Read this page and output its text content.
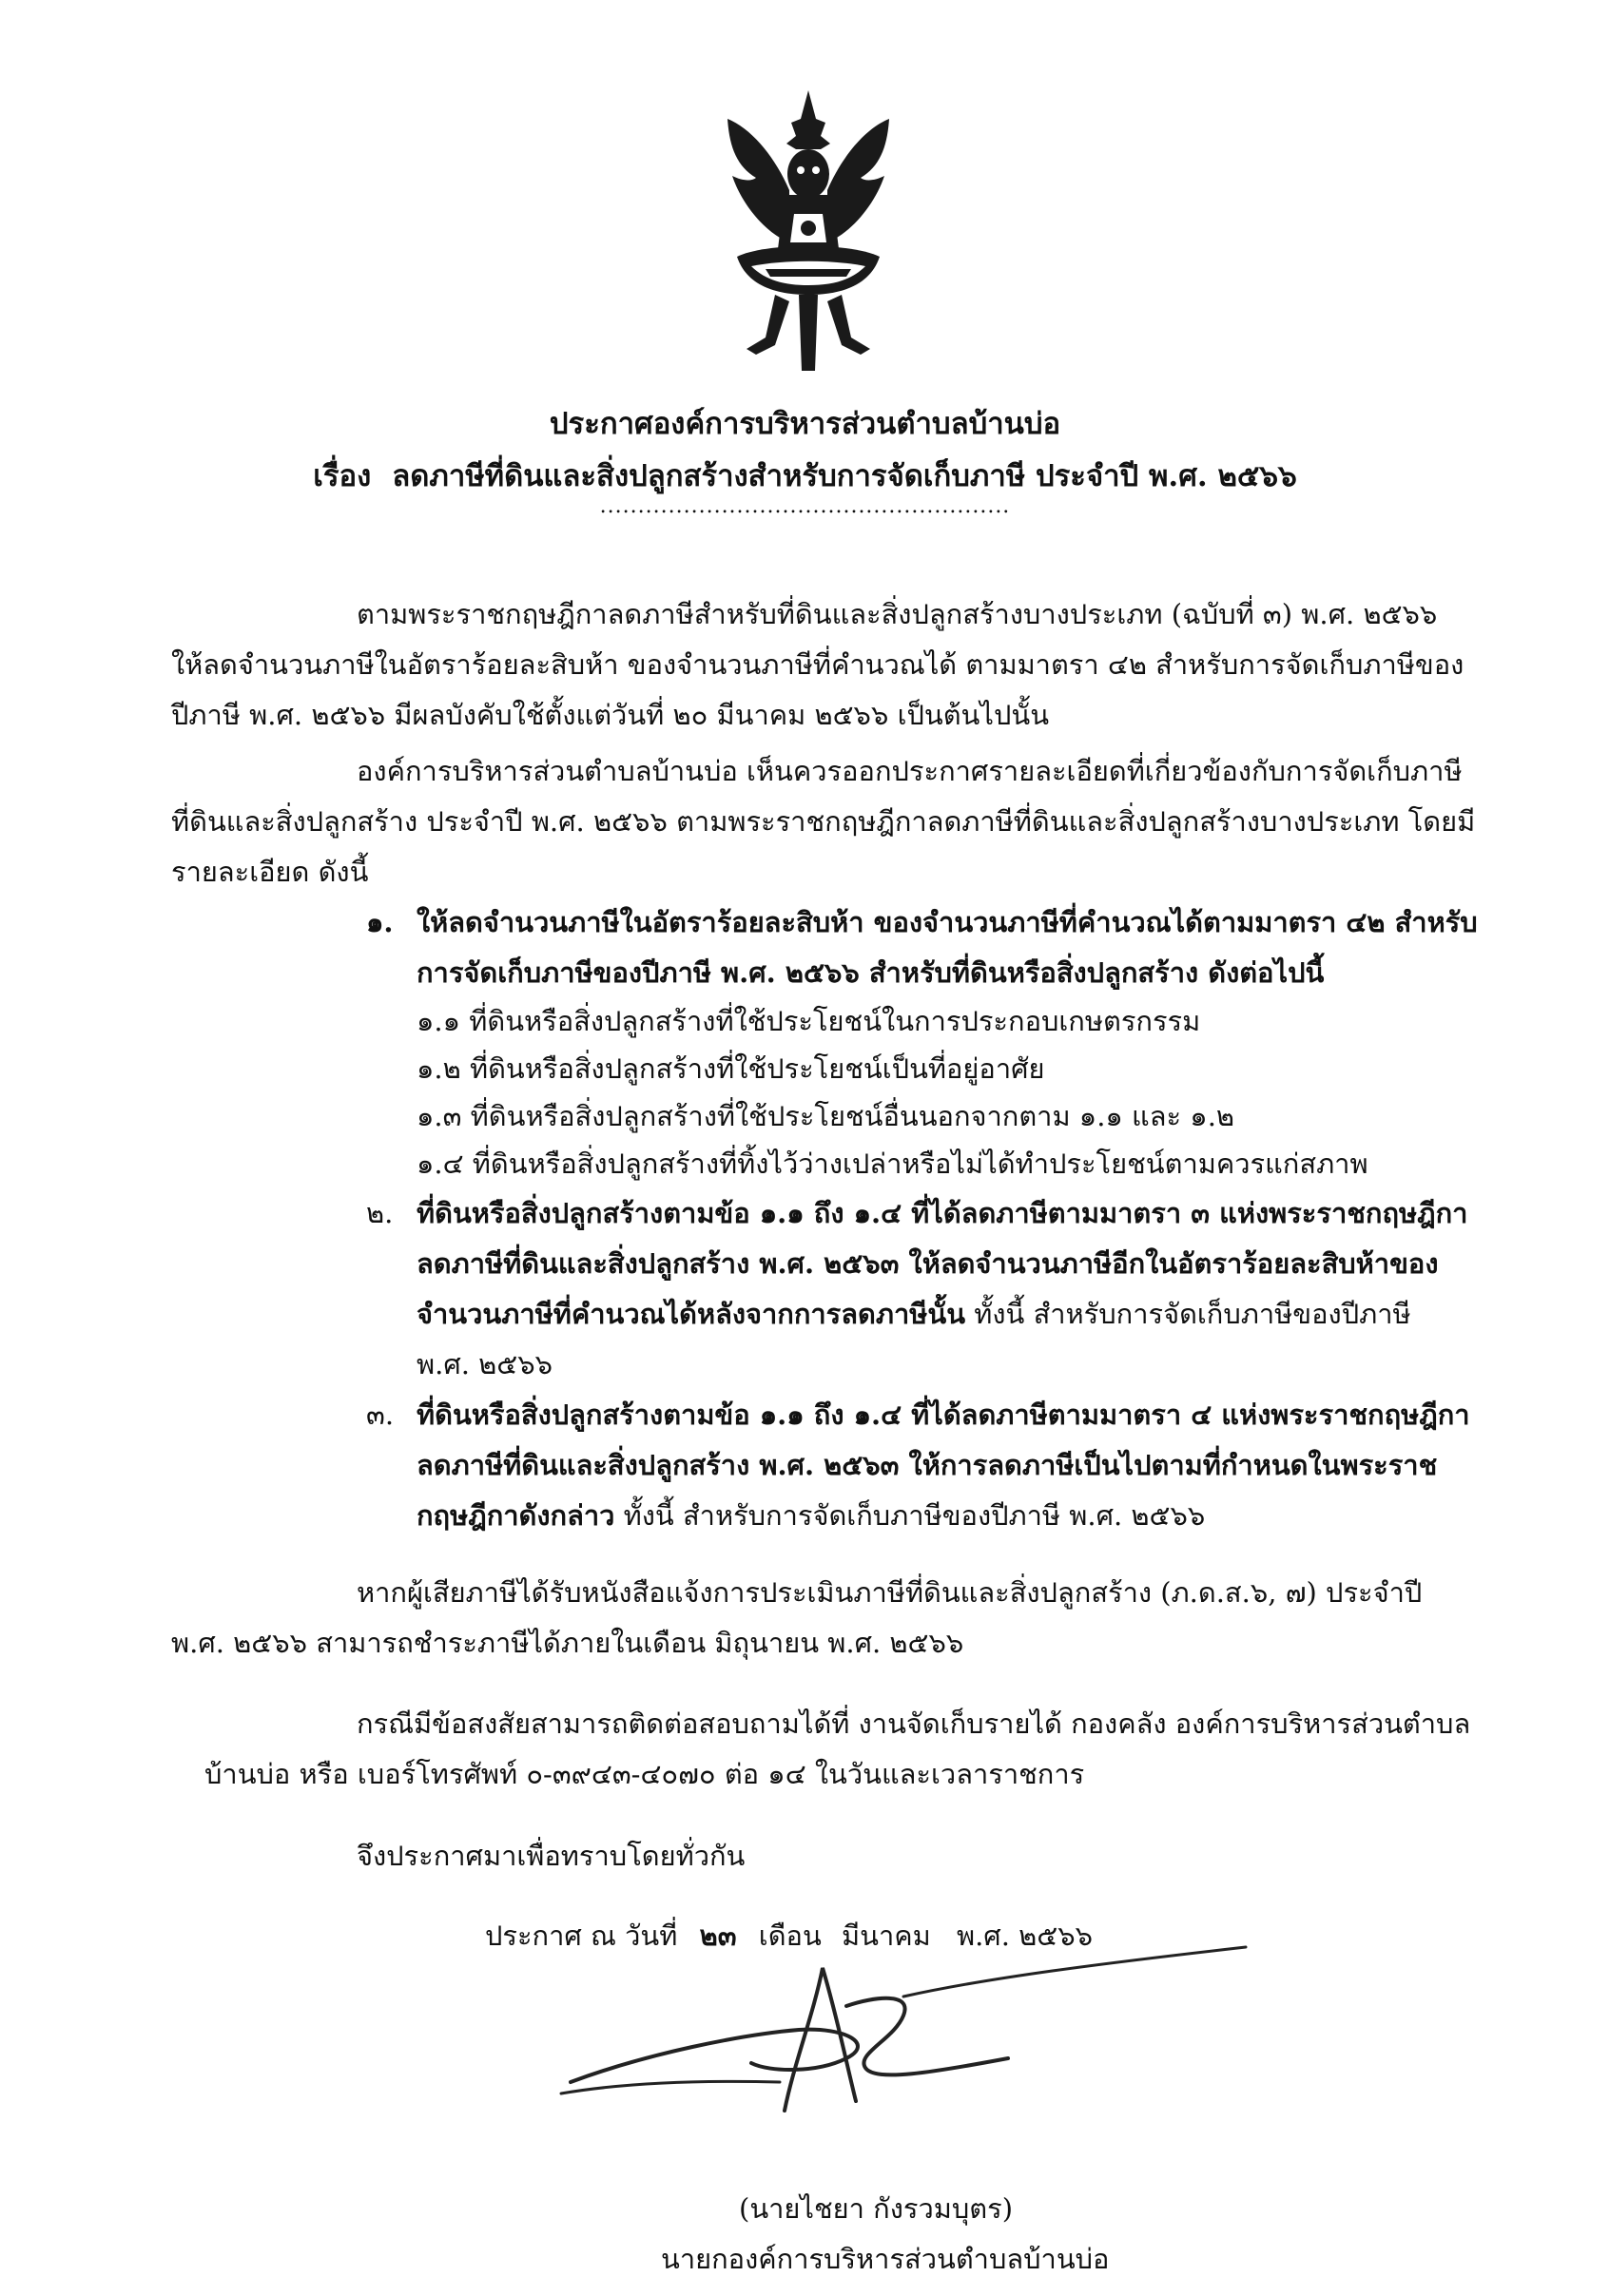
ประกาศองค์การบริหารส่วนตำบลบ้านบ่อ
เรื่อง ลดภาษีที่ดินและสิ่งปลูกสร้างสำหรับการจัดเก็บภาษี ประจำปี พ.ศ. ๒๕๖๖
......................................................
ตามพระราชกฤษฎีกาลดภาษีสำหรับที่ดินและสิ่งปลูกสร้างบางประเภท (ฉบับที่ ๓) พ.ศ. ๒๕๖๖
ให้ลดจำนวนภาษีในอัตราร้อยละสิบห้า ของจำนวนภาษีที่คำนวณได้ ตามมาตรา ๔๒ สำหรับการจัดเก็บภาษีของ
ปีภาษี พ.ศ. ๒๕๖๖ มีผลบังคับใช้ตั้งแต่วันที่ ๒๐ มีนาคม ๒๕๖๖ เป็นต้นไปนั้น
องค์การบริหารส่วนตำบลบ้านบ่อ เห็นควรออกประกาศรายละเอียดที่เกี่ยวข้องกับการจัดเก็บภาษี
ที่ดินและสิ่งปลูกสร้าง ประจำปี พ.ศ. ๒๕๖๖ ตามพระราชกฤษฎีกาลดภาษีที่ดินและสิ่งปลูกสร้างบางประเภท โดยมี
รายละเอียด ดังนี้
๑. ให้ลดจำนวนภาษีในอัตราร้อยละสิบห้า ของจำนวนภาษีที่คำนวณได้ตามมาตรา ๔๒ สำหรับ
การจัดเก็บภาษีของปีภาษี พ.ศ. ๒๕๖๖ สำหรับที่ดินหรือสิ่งปลูกสร้าง ดังต่อไปนี้
๑.๑ ที่ดินหรือสิ่งปลูกสร้างที่ใช้ประโยชน์ในการประกอบเกษตรกรรม
๑.๒ ที่ดินหรือสิ่งปลูกสร้างที่ใช้ประโยชน์เป็นที่อยู่อาศัย
๑.๓ ที่ดินหรือสิ่งปลูกสร้างที่ใช้ประโยชน์อื่นนอกจากตาม ๑.๑ และ ๑.๒
๑.๔ ที่ดินหรือสิ่งปลูกสร้างที่ทิ้งไว้ว่างเปล่าหรือไม่ได้ทำประโยชน์ตามควรแก่สภาพ
๒. ที่ดินหรือสิ่งปลูกสร้างตามข้อ ๑.๑ ถึง ๑.๔ ที่ได้ลดภาษีตามมาตรา ๓ แห่งพระราชกฤษฎีกา
ลดภาษีที่ดินและสิ่งปลูกสร้าง พ.ศ. ๒๕๖๓ ให้ลดจำนวนภาษีอีกในอัตราร้อยละสิบห้าของ
จำนวนภาษีที่คำนวณได้หลังจากการลดภาษีนั้น ทั้งนี้ สำหรับการจัดเก็บภาษีของปีภาษี
พ.ศ. ๒๕๖๖
๓. ที่ดินหรือสิ่งปลูกสร้างตามข้อ ๑.๑ ถึง ๑.๔ ที่ได้ลดภาษีตามมาตรา ๔ แห่งพระราชกฤษฎีกา
ลดภาษีที่ดินและสิ่งปลูกสร้าง พ.ศ. ๒๕๖๓ ให้การลดภาษีเป็นไปตามที่กำหนดในพระราช
กฤษฎีกาดังกล่าว ทั้งนี้ สำหรับการจัดเก็บภาษีของปีภาษี พ.ศ. ๒๕๖๖
หากผู้เสียภาษีได้รับหนังสือแจ้งการประเมินภาษีที่ดินและสิ่งปลูกสร้าง (ภ.ด.ส.๖, ๗) ประจำปี
พ.ศ. ๒๕๖๖ สามารถชำระภาษีได้ภายในเดือน มิถุนายน พ.ศ. ๒๕๖๖
กรณีมีข้อสงสัยสามารถติดต่อสอบถามได้ที่ งานจัดเก็บรายได้ กองคลัง องค์การบริหารส่วนตำบล
บ้านบ่อ หรือ เบอร์โทรศัพท์ ๐-๓๙๔๓-๔๐๗๐ ต่อ ๑๔ ในวันและเวลาราชการ
จึงประกาศมาเพื่อทราบโดยทั่วกัน
ประกาศ ณ วันที่ ๒๓ เดือน มีนาคม พ.ศ. ๒๕๖๖
(นายไชยา กังรวมบุตร)
นายกองค์การบริหารส่วนตำบลบ้านบ่อ
